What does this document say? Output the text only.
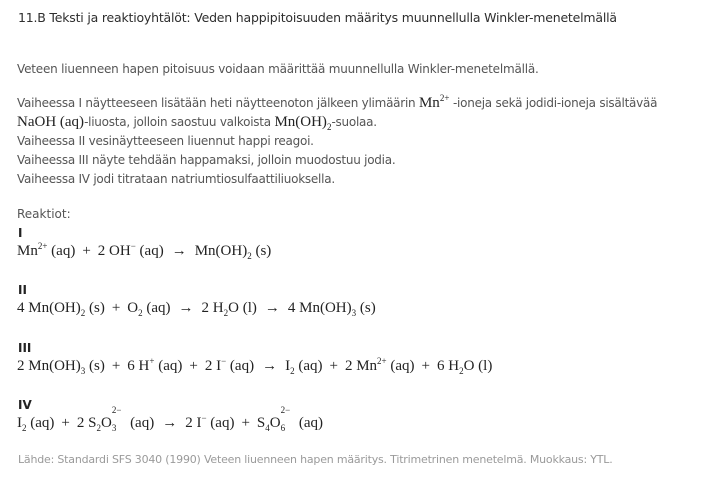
11.B Teksti ja reaktioyhtälöt: Veden happipitoisuuden määritys muunnellulla Winkler-menetelmällä
Veteen liuenneen hapen pitoisuus voidaan määrittää muunnellulla Winkler-menetelmällä.

Vaiheessa I näytteeseen lisätään heti näytteenoton jälkeen ylimäärin $Mn^{2+}$ -ioneja sekä jodidi-ioneja sisältävää

NaOH (aq)-liuosta, jolloin saostuu valkoista $Mn(OH)_2$-suolaa.

Vaiheessa II vesinäytteeseen liuennut happi reagoi.

Vaiheessa III näyte tehdään happamaksi, jolloin muodostuu jodia.

Vaiheessa IV jodi titrataan natriumtiosulfaattiliuoksella.

Reaktiot:
I
$Mn^{2+}$ (aq) + 2 OH− $(aq) \to Mn(OH)_2$ (s)
II
4 $Mn(OH)_2$ $(s) + O_2$ (aq) → 2 $H_2O$ (l) → 4 $Mn(OH)_3$ (s)
III
2 $Mn(OH)_3$ (s) + 6 H+ (aq) + 2 I− $(aq) \to I_2$ (aq) + 2 $Mn^{2+}$ (aq) + 6 $H_2O$ (l)
IV
$I_2$ (aq) + 2 $S_2O$
$_{2- 3}$ (aq) → 2 I− $(aq) + S_4O$
$_{2- 6}$ (aq)
Lähde: Standardi SFS 3040 (1990) Veteen liuenneen hapen määritys. Titrimetrinen menetelmä. Muokkaus: YTL.
